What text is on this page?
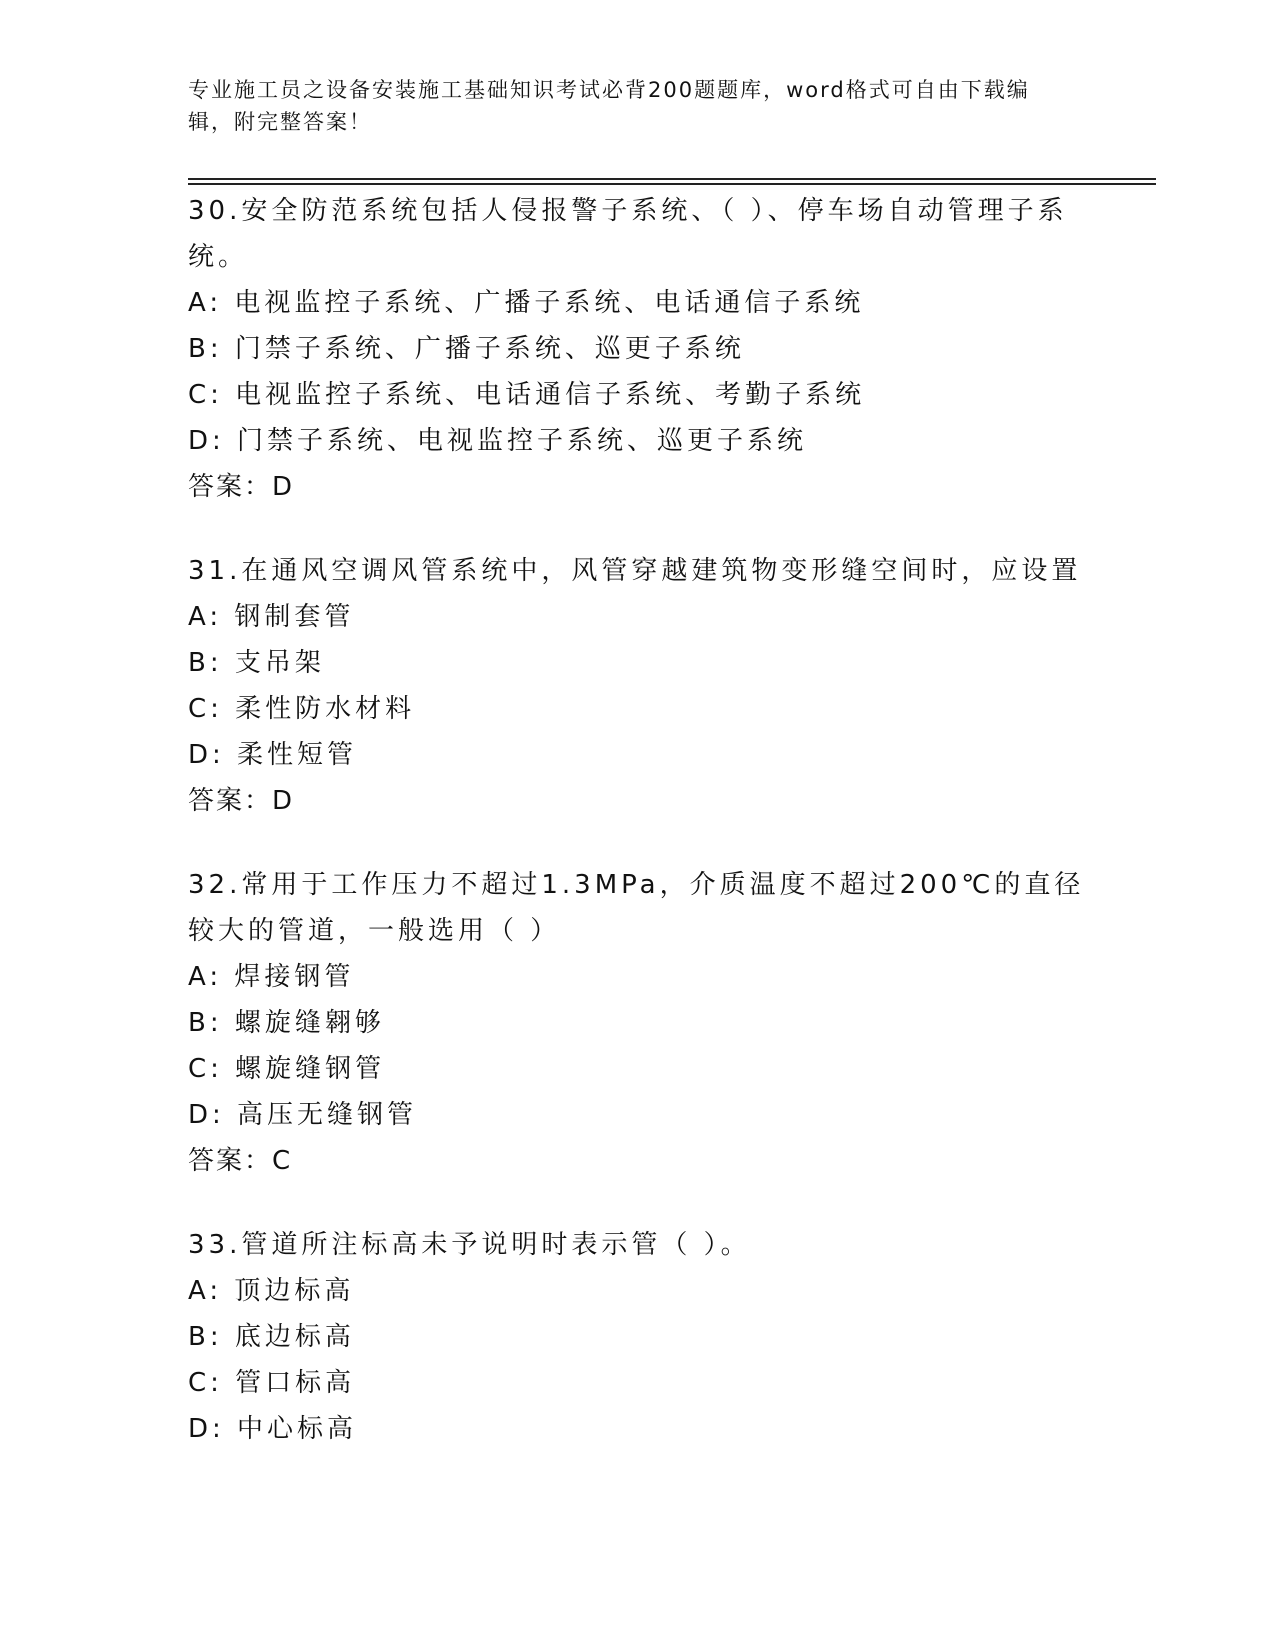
专业施工员之设备安装施工基础知识考试必背200题题库，word格式可自由下载编辑，附完整答案！

30.安全防范系统包括人侵报警子系统、（ ）、停车场自动管理子系统。

A: 电视监控子系统、广播子系统、电话通信子系统

B: 门禁子系统、广播子系统、巡更子系统

C: 电视监控子系统、电话通信子系统、考勤子系统

D: 门禁子系统、电视监控子系统、巡更子系统

答案：D

31.在通风空调风管系统中，风管穿越建筑物变形缝空间时，应设置

A: 钢制套管

B: 支吊架

C: 柔性防水材料

D: 柔性短管

答案：D

32.常用于工作压力不超过1.3MPa，介质温度不超过200℃的直径较大的管道，一般选用（ ）

A: 焊接钢管

B: 螺旋缝翱够

C: 螺旋缝钢管

D: 高压无缝钢管

答案：C

33.管道所注标高未予说明时表示管（ ）。

A: 顶边标高

B: 底边标高

C: 管口标高

D: 中心标高
